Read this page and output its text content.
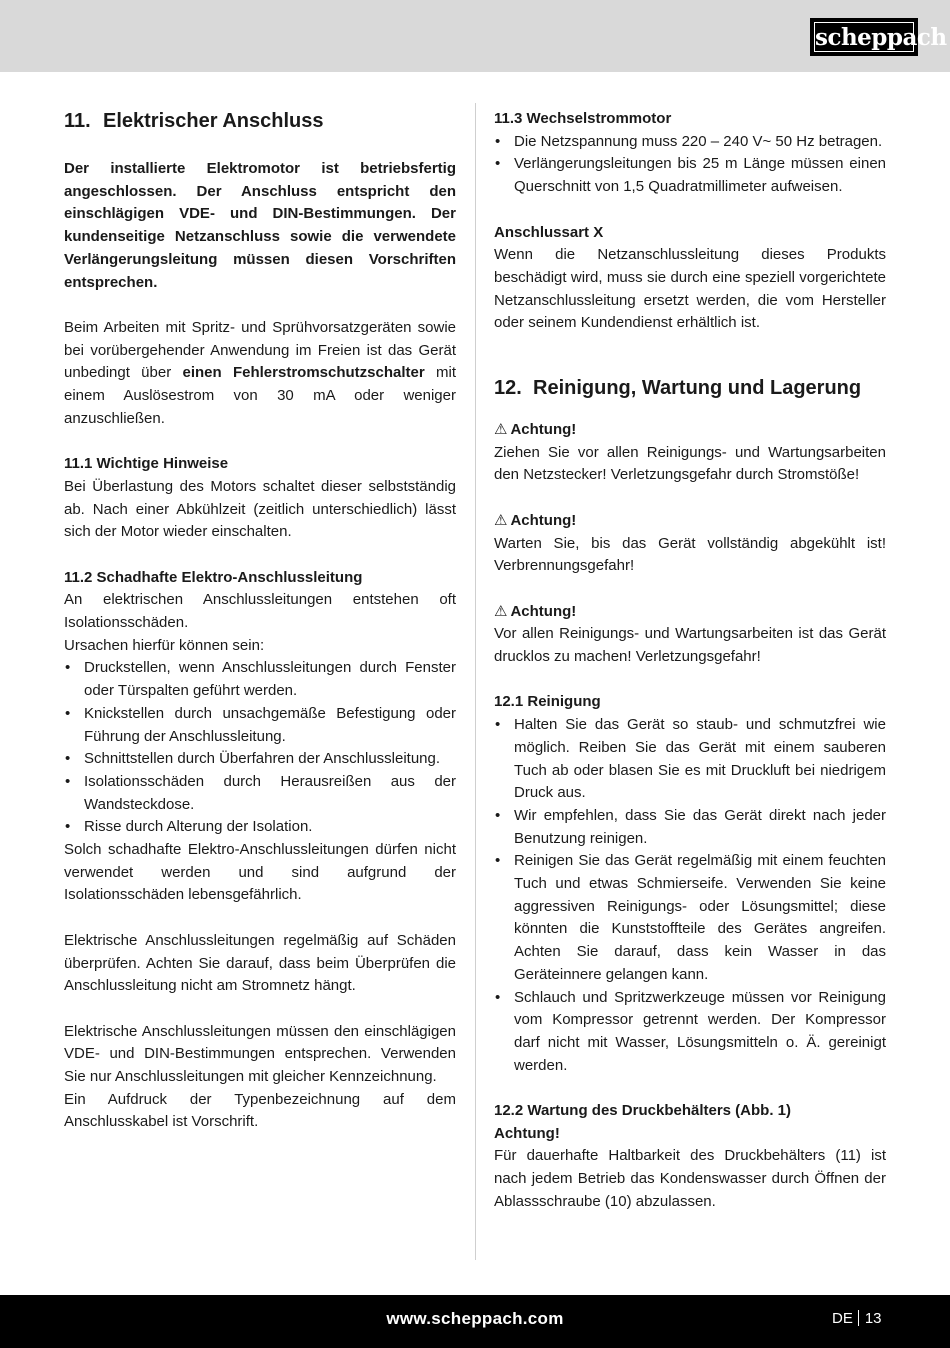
scheppach
11. Elektrischer Anschluss

Der installierte Elektromotor ist betriebsfertig angeschlossen. Der Anschluss entspricht den einschlägigen VDE- und DIN-Bestimmungen. Der kundenseitige Netzanschluss sowie die verwendete Verlängerungsleitung müssen diesen Vorschriften entsprechen.

Beim Arbeiten mit Spritz- und Sprühvorsatzgeräten sowie bei vorübergehender Anwendung im Freien ist das Gerät unbedingt über einen Fehlerstromschutzschalter mit einem Auslösestrom von 30 mA oder weniger anzuschließen.

11.1 Wichtige Hinweise

Bei Überlastung des Motors schaltet dieser selbstständig ab. Nach einer Abkühlzeit (zeitlich unterschiedlich) lässt sich der Motor wieder einschalten.

11.2 Schadhafte Elektro-Anschlussleitung

An elektrischen Anschlussleitungen entstehen oft Isolationsschäden.

Ursachen hierfür können sein:

• Druckstellen, wenn Anschlussleitungen durch Fenster oder Türspalten geführt werden.
• Knickstellen durch unsachgemäße Befestigung oder Führung der Anschlussleitung.
• Schnittstellen durch Überfahren der Anschlussleitung.
• Isolationsschäden durch Herausreißen aus der Wandsteckdose.
• Risse durch Alterung der Isolation.

Solch schadhafte Elektro-Anschlussleitungen dürfen nicht verwendet werden und sind aufgrund der Isolationsschäden lebensgefährlich.

Elektrische Anschlussleitungen regelmäßig auf Schäden überprüfen. Achten Sie darauf, dass beim Überprüfen die Anschlussleitung nicht am Stromnetz hängt.

Elektrische Anschlussleitungen müssen den einschlägigen VDE- und DIN-Bestimmungen entsprechen. Verwenden Sie nur Anschlussleitungen mit gleicher Kennzeichnung.

Ein Aufdruck der Typenbezeichnung auf dem Anschlusskabel ist Vorschrift.

11.3 Wechselstrommotor

• Die Netzspannung muss 220 – 240 V~ 50 Hz betragen.
• Verlängerungsleitungen bis 25 m Länge müssen einen Querschnitt von 1,5 Quadratmillimeter aufweisen.

Anschlussart X

Wenn die Netzanschlussleitung dieses Produkts beschädigt wird, muss sie durch eine speziell vorgerichtete Netzanschlussleitung ersetzt werden, die vom Hersteller oder seinem Kundendienst erhältlich ist.

12. Reinigung, Wartung und Lagerung

⚠ Achtung!

Ziehen Sie vor allen Reinigungs- und Wartungsarbeiten den Netzstecker! Verletzungsgefahr durch Stromstöße!

⚠ Achtung!

Warten Sie, bis das Gerät vollständig abgekühlt ist! Verbrennungsgefahr!

⚠ Achtung!

Vor allen Reinigungs- und Wartungsarbeiten ist das Gerät drucklos zu machen! Verletzungsgefahr!

12.1 Reinigung

• Halten Sie das Gerät so staub- und schmutzfrei wie möglich. Reiben Sie das Gerät mit einem sauberen Tuch ab oder blasen Sie es mit Druckluft bei niedrigem Druck aus.
• Wir empfehlen, dass Sie das Gerät direkt nach jeder Benutzung reinigen.
• Reinigen Sie das Gerät regelmäßig mit einem feuchten Tuch und etwas Schmierseife. Verwenden Sie keine aggressiven Reinigungs- oder Lösungsmittel; diese könnten die Kunststoffteile des Gerätes angreifen. Achten Sie darauf, dass kein Wasser in das Geräteinnere gelangen kann.
• Schlauch und Spritzwerkzeuge müssen vor Reinigung vom Kompressor getrennt werden. Der Kompressor darf nicht mit Wasser, Lösungsmitteln o. Ä. gereinigt werden.

12.2 Wartung des Druckbehälters (Abb. 1)

Achtung!

Für dauerhafte Haltbarkeit des Druckbehälters (11) ist nach jedem Betrieb das Kondenswasser durch Öffnen der Ablassschraube (10) abzulassen.

www.scheppach.com	DE 13
